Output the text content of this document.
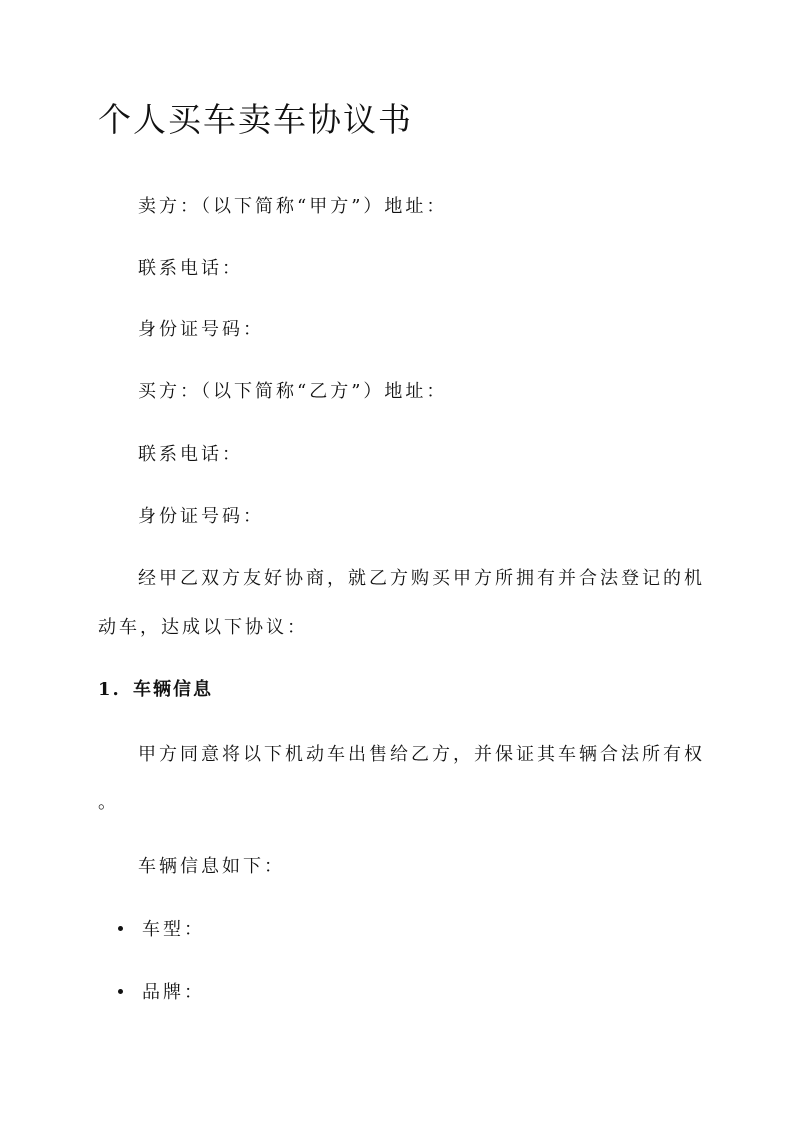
个人买车卖车协议书

卖方：（以下简称“甲方”）地址：

联系电话：

身份证号码：

买方：（以下简称“乙方”）地址：

联系电话：

身份证号码：

经甲乙双方友好协商，就乙方购买甲方所拥有并合法登记的机

动车，达成以下协议：

1. 车辆信息

甲方同意将以下机动车出售给乙方，并保证其车辆合法所有权

。

车辆信息如下：

车型：

品牌：
